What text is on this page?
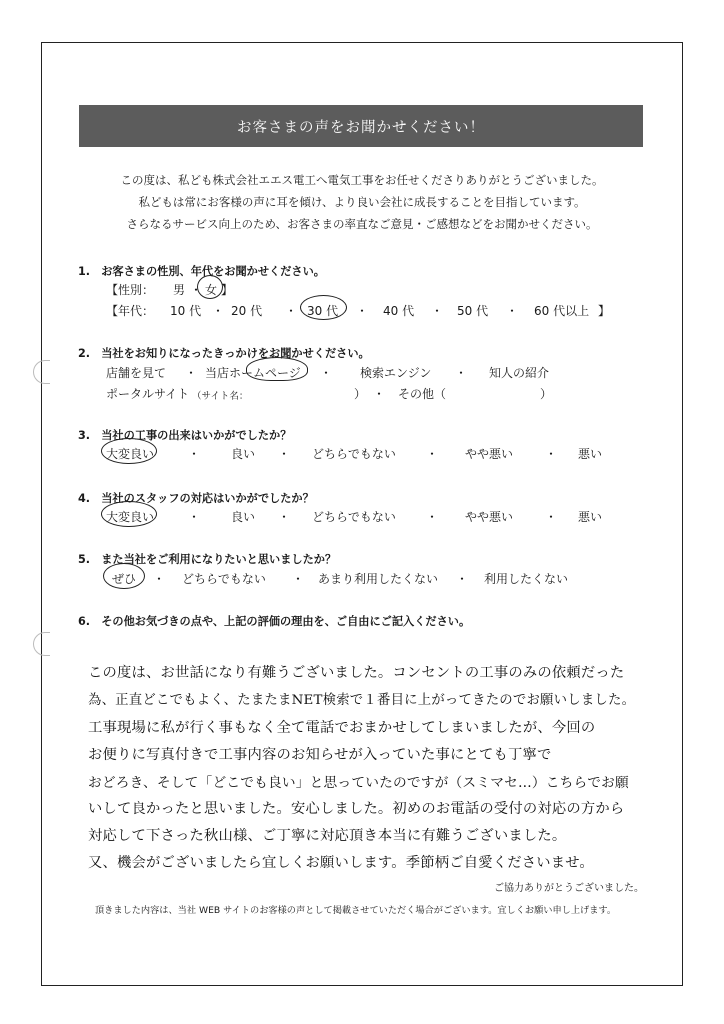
お客さまの声をお聞かせください！
この度は、私ども株式会社エエス電工へ電気工事をお任せくださりありがとうございました。
私どもは常にお客様の声に耳を傾け、より良い会社に成長することを目指しています。
さらなるサービス向上のため、お客さまの率直なご意見・ご感想などをお聞かせください。
1.　お客さまの性別、年代をお聞かせください。
【性別： 男 ・ 女 】
【年代： 10 代 ・ 20 代 ・ 30 代 ・ 40 代 ・ 50 代 ・ 60 代以上 】
2.　当社をお知りになったきっかけをお聞かせください。
店舗を見て ・ 当店ホームページ ・ 検索エンジン ・ 知人の紹介
ポータルサイト （サイト名：	） ・ その他（	）
3.　当社の工事の出来はいかがでしたか？
大変良い	・	良い ・ どちらでもない	・ やや悪い	・ 悪い
4.　当社のスタッフの対応はいかがでしたか？
大変良い	・	良い ・ どちらでもない	・ やや悪い	・ 悪い
5.　また当社をご利用になりたいと思いましたか？
ぜひ ・ どちらでもない ・ あまり利用したくない ・ 利用したくない
6.　その他お気づきの点や、上記の評価の理由を、ご自由にご記入ください。
この度は、お世話になり有難うございました。コンセントの工事のみの依頼だった
為、正直どこでもよく、たまたまNET検索で１番目に上がってきたのでお願いしました。
工事現場に私が行く事もなく全て電話でおまかせしてしまいましたが、今回の
お便りに写真付きで工事内容のお知らせが入っていた事にとても丁寧で
おどろき、そして「どこでも良い」と思っていたのですが（スミマセ…）こちらでお願
いして良かったと思いました。安心しました。初めのお電話の受付の対応の方から
対応して下さった秋山様、ご丁寧に対応頂き本当に有難うございました。
又、機会がございましたら宜しくお願いします。季節柄ご自愛くださいませ。
ご協力ありがとうございました。
頂きました内容は、当社 WEB サイトのお客様の声として掲載させていただく場合がございます。宜しくお願い申し上げます。
